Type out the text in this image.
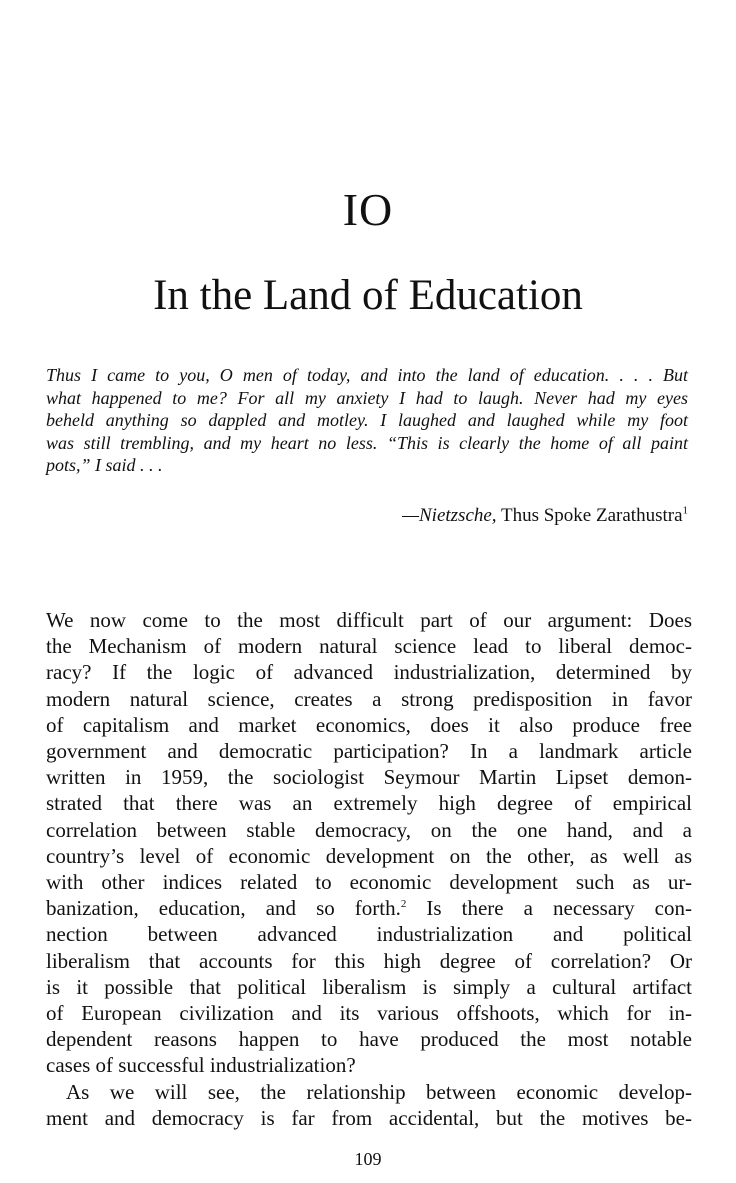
IO
In the Land of Education

Thus I came to you, O men of today, and into the land of education. . . . But
what happened to me? For all my anxiety I had to laugh. Never had my eyes
beheld anything so dappled and motley. I laughed and laughed while my foot
was still trembling, and my heart no less. “This is clearly the home of all paint
pots,” I said . . .

—Nietzsche, Thus Spoke Zarathustra$^1$

We now come to the most difficult part of our argument: Does
the Mechanism of modern natural science lead to liberal democ-
racy? If the logic of advanced industrialization, determined by
modern natural science, creates a strong predisposition in favor
of capitalism and market economics, does it also produce free
government and democratic participation? In a landmark article
written in 1959, the sociologist Seymour Martin Lipset demon-
strated that there was an extremely high degree of empirical
correlation between stable democracy, on the one hand, and a
country’s level of economic development on the other, as well as
with other indices related to economic development such as ur-
banization, education, and so forth.$^2$ Is there a necessary con-
nection between advanced industrialization and political
liberalism that accounts for this high degree of correlation? Or
is it possible that political liberalism is simply a cultural artifact
of European civilization and its various offshoots, which for in-
dependent reasons happen to have produced the most notable
cases of successful industrialization?

As we will see, the relationship between economic develop-
ment and democracy is far from accidental, but the motives be-

109
